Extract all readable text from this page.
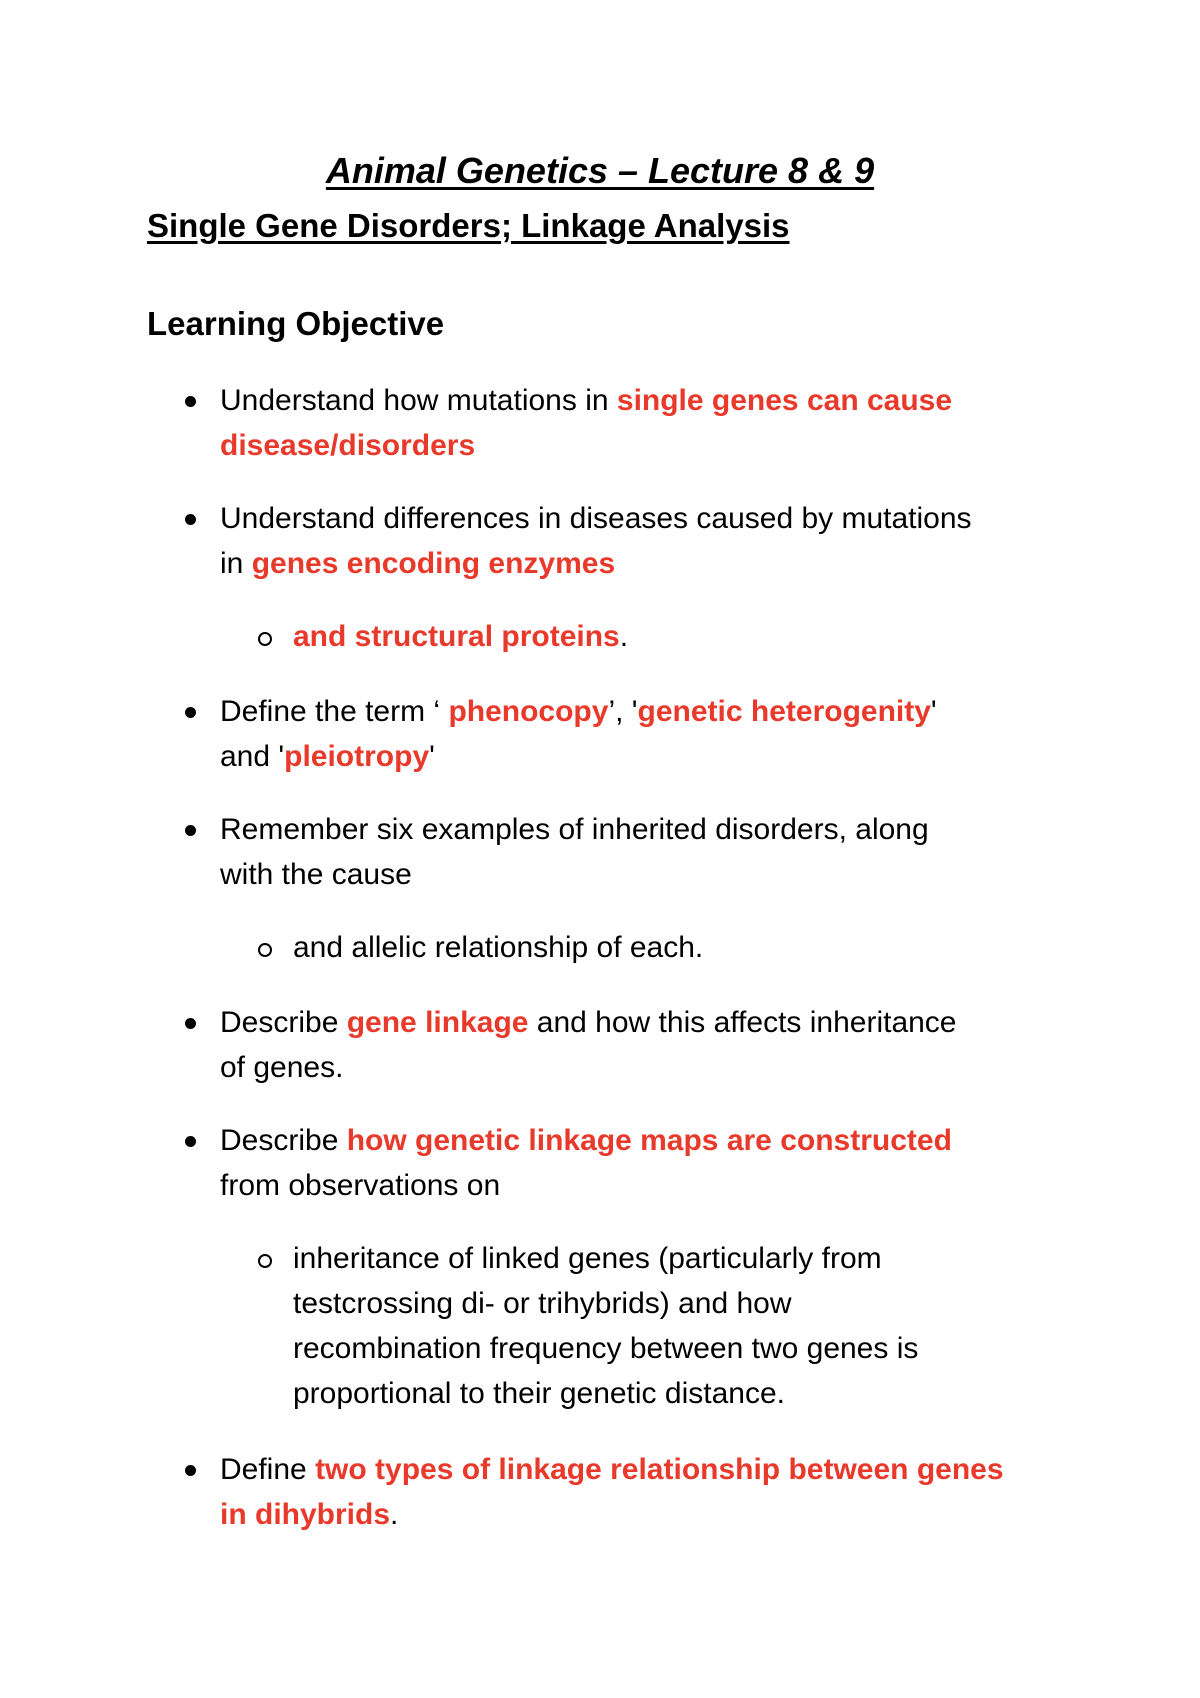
Animal Genetics – Lecture 8 & 9
Single Gene Disorders; Linkage Analysis
Learning Objective
Understand how mutations in single genes can cause
disease/disorders
Understand differences in diseases caused by mutations
in genes encoding enzymes
and structural proteins.
Define the term ‘ phenocopy’, 'genetic heterogenity'
and 'pleiotropy'
Remember six examples of inherited disorders, along
with the cause
and allelic relationship of each.
Describe gene linkage and how this affects inheritance
of genes.
Describe how genetic linkage maps are constructed
from observations on
inheritance of linked genes (particularly from
testcrossing di- or trihybrids) and how
recombination frequency between two genes is
proportional to their genetic distance.
Define two types of linkage relationship between genes
in dihybrids.
